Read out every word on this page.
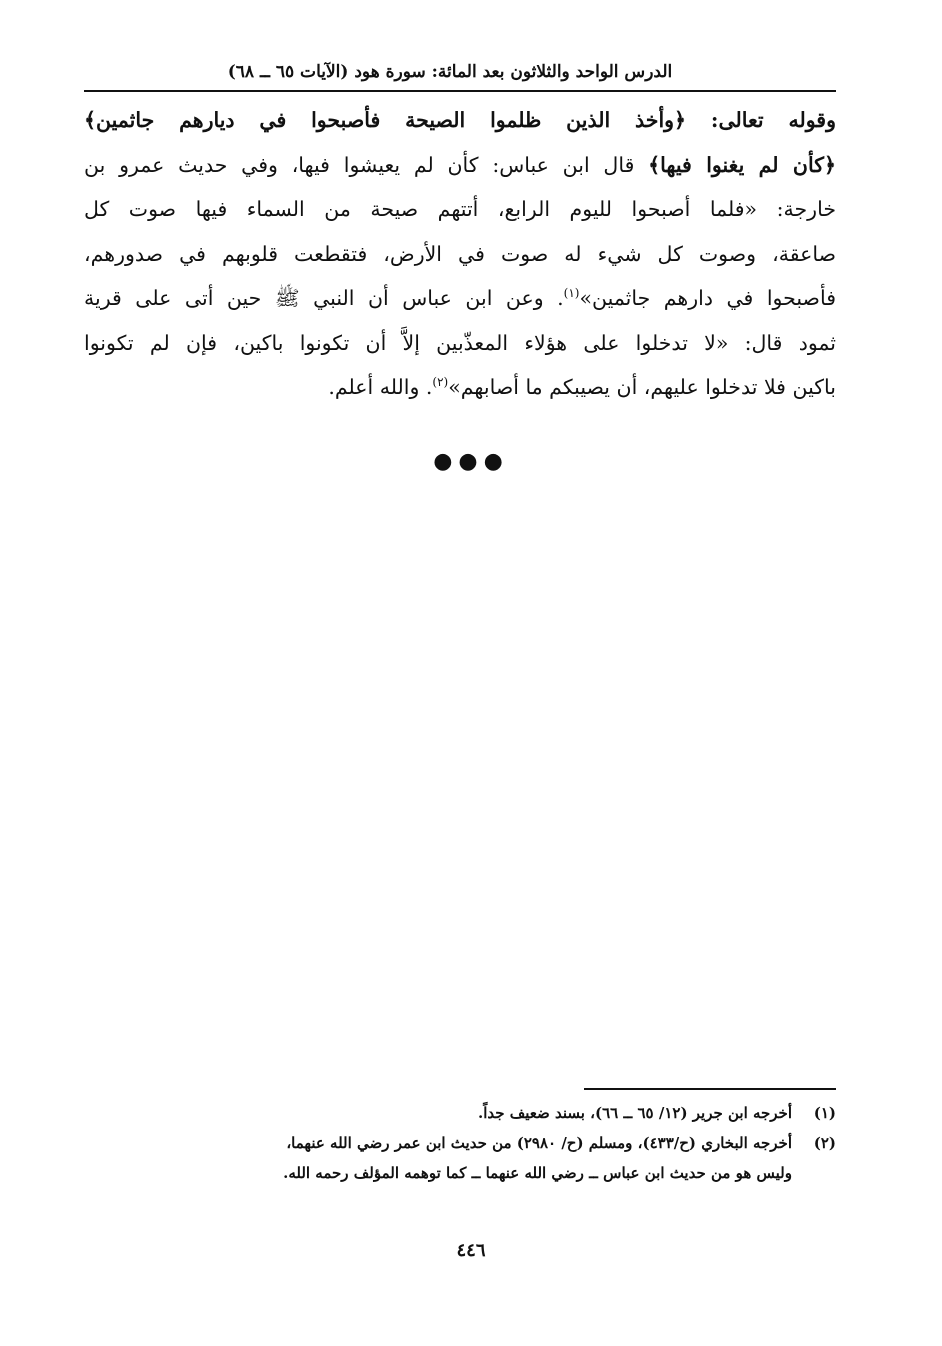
الدرس الواحد والثلاثون بعد المائة: سورة هود (الآيات ٦٥ ــ ٦٨)
وقوله تعالى: ﴿وأخذ الذين ظلموا الصيحة فأصبحوا في ديارهم جاثمين﴾
﴿كأن لم يغنوا فيها﴾ قال ابن عباس: كأن لم يعيشوا فيها، وفي حديث عمرو بن
خارجة: «فلما أصبحوا لليوم الرابع، أتتهم صيحة من السماء فيها صوت كل
صاعقة، وصوت كل شيء له صوت في الأرض، فتقطعت قلوبهم في صدورهم،
فأصبحوا في دارهم جاثمين»$^{(١)}$. وعن ابن عباس أن النبي ﷺ حين أتى على قرية
ثمود قال: «لا تدخلوا على هؤلاء المعذّبين إلاَّ أن تكونوا باكين، فإن لم تكونوا
باكين فلا تدخلوا عليهم، أن يصيبكم ما أصابهم»$^{(٢)}$. والله أعلم.
●●●
(١)
أخرجه ابن جرير (١٢/ ٦٥ ــ ٦٦)، بسند ضعيف جداً.
(٢)
أخرجه البخاري (ح/٤٣٣)، ومسلم (ح/ ٢٩٨٠) من حديث ابن عمر رضي الله عنهما،
وليس هو من حديث ابن عباس ــ رضي الله عنهما ــ كما توهمه المؤلف رحمه الله.
٤٤٦
